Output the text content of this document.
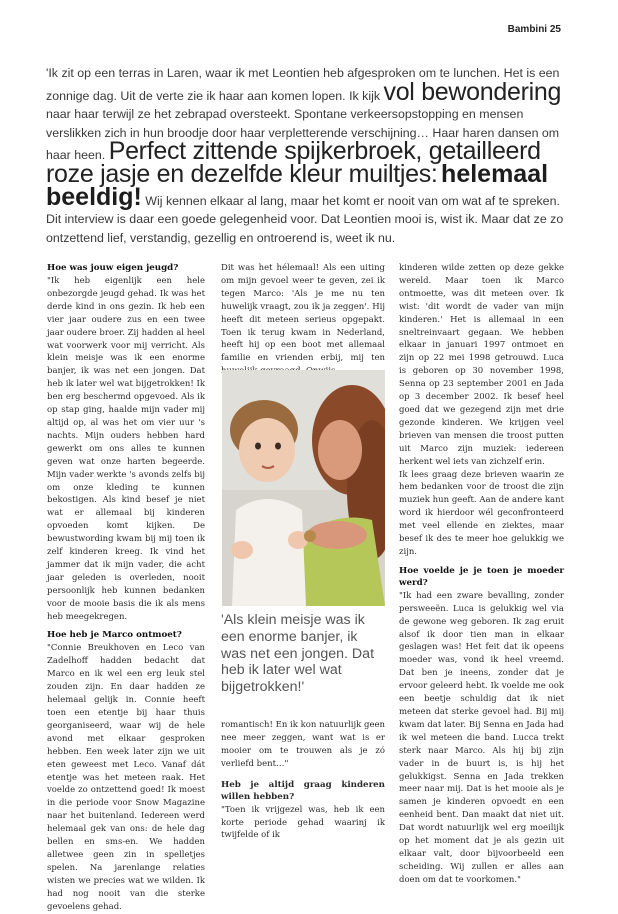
Bambini 25

'Ik zit op een terras in Laren, waar ik met Leontien heb afgesproken om te lunchen. Het is een zonnige dag. Uit de verte zie ik haar aan komen lopen. Ik kijk vol bewondering naar haar terwijl ze het zebrapad oversteekt. Spontane verkeersopstopping en mensen verslikken zich in hun broodje door haar verpletterende verschijning… Haar haren dansen om haar heen. Perfect zittende spijkerbroek, getailleerd roze jasje en dezelfde kleur muiltjes: helemaal beeldig! Wij kennen elkaar al lang, maar het komt er nooit van om wat af te spreken. Dit interview is daar een goede gelegenheid voor. Dat Leontien mooi is, wist ik. Maar dat ze zo ontzettend lief, verstandig, gezellig en ontroerend is, weet ik nu.

Hoe was jouw eigen jeugd?

"Ik heb eigenlijk een hele onbezorgde jeugd gehad. Ik was het derde kind in ons gezin. Ik heb een vier jaar oudere zus en een twee jaar oudere broer. Zij hadden al heel wat voorwerk voor mij verricht. Als klein meisje was ik een enorme banjer, ik was net een jongen. Dat heb ik later wel wat bijgetrokken! Ik ben erg beschermd opgevoed. Als ik op stap ging, haalde mijn vader mij altijd op, al was het om vier uur 's nachts. Mijn ouders hebben hard gewerkt om ons alles te kunnen geven wat onze harten begeerde. Mijn vader werkte 's avonds zelfs bij om onze kleding te kunnen bekostigen. Als kind besef je niet wat er allemaal bij kinderen opvoeden komt kijken. De bewustwording kwam bij mij toen ik zelf kinderen kreeg. Ik vind het jammer dat ik mijn vader, die acht jaar geleden is overleden, nooit persoonlijk heb kunnen bedanken voor de mooie basis die ik als mens heb meegekregen.

Hoe heb je Marco ontmoet?

"Connie Breukhoven en Leco van Zadelhoff hadden bedacht dat Marco en ik wel een erg leuk stel zouden zijn. En daar hadden ze helemaal gelijk in. Connie heeft toen een etentje bij haar thuis georganiseerd, waar wij de hele avond met elkaar gesproken hebben. Een week later zijn we uit eten geweest met Leco. Vanaf dát etentje was het meteen raak. Het voelde zo ontzettend goed! Ik moest in die periode voor Snow Magazine naar het buitenland. Iedereen werd helemaal gek van ons: de hele dag bellen en sms-en. We hadden alletwee geen zin in spelletjes spelen. Na jarenlange relaties wisten we precies wat we wilden. Ik had nog nooit van die sterke gevoelens gehad.

Dit was het hélemaal! Als een uiting om mijn gevoel weer te geven, zei ik tegen Marco: 'Als je me nu ten huwelijk vraagt, zou ik ja zeggen'. Hij heeft dit meteen serieus opgepakt. Toen ik terug kwam in Nederland, heeft hij op een boot met allemaal familie en vrienden erbij, mij ten

'Als klein meisje was ik een enorme banjer, ik was net een jongen. Dat heb ik later wel wat bijgetrokken!'

romantisch! En ik kon natuurlijk geen nee meer zeggen, want wat is er mooier om te trouwen als je zó verliefd bent…"

Heb je altijd graag kinderen willen hebben?

"Toen ik vrijgezel was, heb ik een korte periode gehad waarinj ik twijfelde of ik

kinderen wilde zetten op deze gekke wereld. Maar toen ik Marco ontmoette, was dit meteen over. Ik wist: 'dit wordt de vader van mijn kinderen.' Het is allemaal in een sneltreinvaart gegaan. We hebben elkaar in januari 1997 ontmoet en zijn op 22 mei 1998 getrouwd. Luca is geboren op 30 november 1998, Senna op 23 september 2001 en Jada op 3 december 2002. Ik besef heel goed dat we gezegend zijn met drie gezonde kinderen. We krijgen veel brieven van mensen die troost putten uit Marco zijn muziek: iedereen herkent wel iets van zichzelf erin.

Ik lees graag deze brieven waarin ze hem bedanken voor de troost die zijn muziek hun geeft. Aan de andere kant word ik hierdoor wél geconfronteerd met veel ellende en ziektes, maar besef ik des te meer hoe gelukkig we zijn.

Hoe voelde je je toen je moeder werd?

"Ik had een zware bevalling, zonder persweeën. Luca is gelukkig wel via de gewone weg geboren. Ik zag eruit alsof ik door tien man in elkaar geslagen was! Het feit dat ik opeens moeder was, vond ik heel vreemd. Dat ben je ineens, zonder dat je ervoor geleerd hebt. Ik voelde me ook een beetje schuldig dat ik niet meteen dat sterke gevoel had. Bij mij kwam dat later. Bij Senna en Jada had ik wel meteen die band. Lucca trekt sterk naar Marco. Als hij bij zijn vader in de buurt is, is hij het gelukkigst. Senna en Jada trekken meer naar mij. Dat is het mooie als je samen je kinderen opvoedt en een eenheid bent. Dan maakt dat niet uit. Dat wordt natuurlijk wel erg moeilijk op het moment dat je als gezin uit elkaar valt, door bijvoorbeeld een scheiding. Wij zullen er alles aan doen om dat te voorkomen."
